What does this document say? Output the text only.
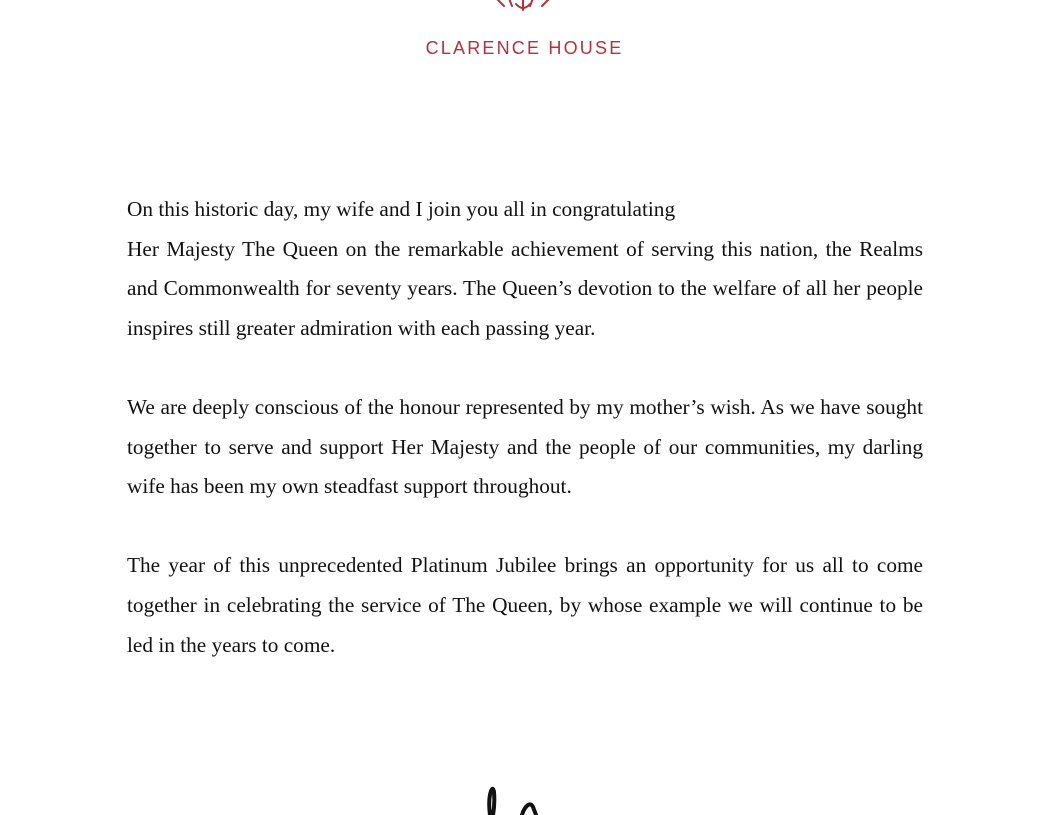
CLARENCE HOUSE

On this historic day, my wife and I join you all in congratulating
Her Majesty The Queen on the remarkable achievement of serving this nation, the Realms and Commonwealth for seventy years. The Queen’s devotion to the welfare of all her people inspires still greater admiration with each passing year.

We are deeply conscious of the honour represented by my mother’s wish. As we have sought together to serve and support Her Majesty and the people of our communities, my darling wife has been my own steadfast support throughout.

The year of this unprecedented Platinum Jubilee brings an opportunity for us all to come together in celebrating the service of The Queen, by whose example we will continue to be led in the years to come.
